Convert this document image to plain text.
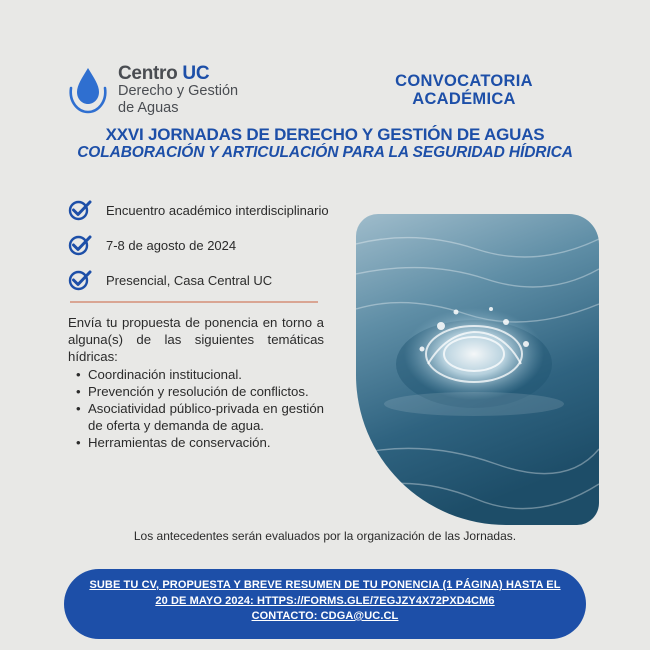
Centro UC
Derecho y Gestión
de Aguas
CONVOCATORIA
ACADÉMICA
XXVI JORNADAS DE DERECHO Y GESTIÓN DE AGUAS
COLABORACIÓN Y ARTICULACIÓN PARA LA SEGURIDAD HÍDRICA
Encuentro académico interdisciplinario
7-8 de agosto de 2024
Presencial, Casa Central UC
Envía tu propuesta de ponencia en torno a alguna(s) de las siguientes temáticas hídricas:
• Coordinación institucional.
• Prevención y resolución de conflictos.
• Asociatividad público-privada en gestión de oferta y demanda de agua.
• Herramientas de conservación.
Los antecedentes serán evaluados por la organización de las Jornadas.
SUBE TU CV, PROPUESTA Y BREVE RESUMEN DE TU PONENCIA (1 PÁGINA) HASTA EL
20 DE MAYO 2024: HTTPS://FORMS.GLE/7EGJZY4X72PXD4CM6
CONTACTO: CDGA@UC.CL
